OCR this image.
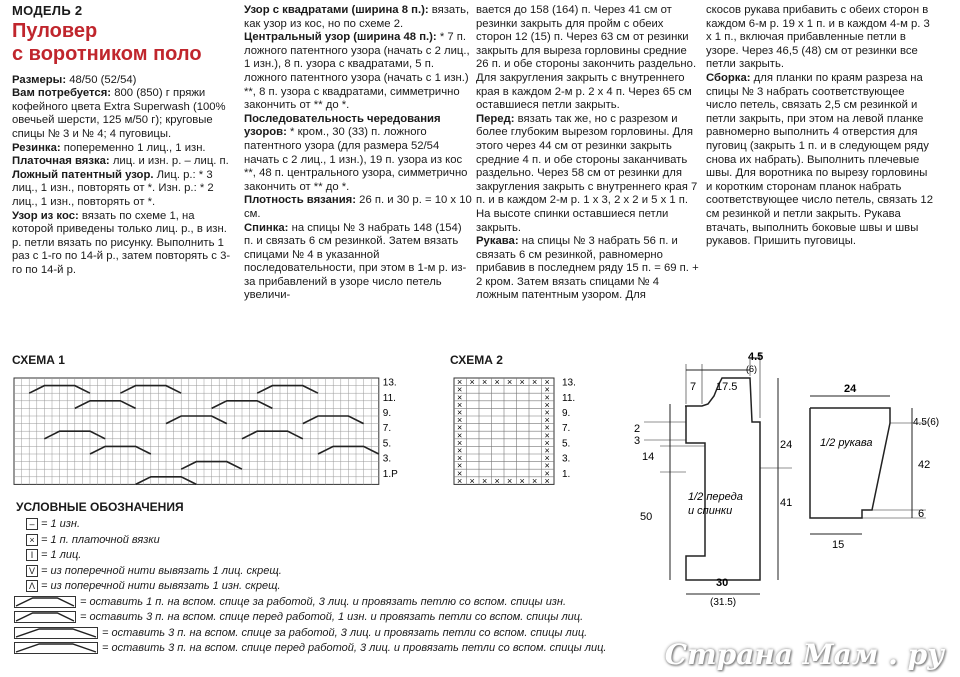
МОДЕЛЬ 2

Пуловер
с воротником поло

Размеры: 48/50 (52/54)

Вам потребуется: 800 (850) г пряжи кофейного цвета Extra Superwash (100% овечьей шерсти, 125 м/50 г); круговые спицы № 3 и № 4; 4 пуговицы.

Резинка: попеременно 1 лиц., 1 изн.

Платочная вязка: лиц. и изн. р. – лиц. п.

Ложный патентный узор. Лиц. р.: * 3 лиц., 1 изн., повторять от *. Изн. р.: * 2 лиц., 1 изн., повторять от *.

Узор из кос: вязать по схеме 1, на которой приведены только лиц. р., в изн. р. петли вязать по рисунку. Выполнить 1 раз с 1-го по 14-й р., затем повторять с 3-го по 14-й р.

Узор с квадратами (ширина 8 п.): вязать, как узор из кос, но по схеме 2.

Центральный узор (ширина 48 п.): * 7 п. ложного патентного узора (начать с 2 лиц., 1 изн.), 8 п. узора с квадратами, 5 п. ложного патентного узора (начать с 1 изн.) **, 8 п. узора с квадратами, симметрично закончить от ** до *.

Последовательность чередования узоров: * кром., 30 (33) п. ложного патентного узора (для размера 52/54 начать с 2 лиц., 1 изн.), 19 п. узора из кос **, 48 п. центрального узора, симметрично закончить от ** до *.

Плотность вязания: 26 п. и 30 р. = 10 х 10 см.

Спинка: на спицы № 3 набрать 148 (154) п. и связать 6 см резинкой. Затем вязать спицами № 4 в указанной последовательности, при этом в 1-м р. из-за прибавлений в узоре число петель увеличи-

вается до 158 (164) п. Через 41 см от резинки закрыть для пройм с обеих сторон 12 (15) п. Через 63 см от резинки закрыть для выреза горловины средние 26 п. и обе стороны закончить раздельно. Для закругления закрыть с внутреннего края в каждом 2-м р. 2 х 4 п. Через 65 см оставшиеся петли закрыть.

Перед: вязать так же, но с разрезом и более глубоким вырезом горловины. Для этого через 44 см от резинки закрыть средние 4 п. и обе стороны заканчивать раздельно. Через 58 см от резинки для закругления закрыть с внутреннего края 7 п. и в каждом 2-м р. 1 х 3, 2 х 2 и 5 х 1 п. На высоте спинки оставшиеся петли закрыть.

Рукава: на спицы № 3 набрать 56 п. и связать 6 см резинкой, равномерно прибавив в последнем ряду 15 п. = 69 п. + 2 кром. Затем вязать спицами № 4 ложным патентным узором. Для

скосов рукава прибавить с обеих сторон в каждом 6-м р. 19 х 1 п. и в каждом 4-м р. 3 х 1 п., включая прибавленные петли в узоре. Через 46,5 (48) см от резинки все петли закрыть.

Сборка: для планки по краям разреза на спицы № 3 набрать соответствующее число петель, связать 2,5 см резинкой и петли закрыть, при этом на левой планке равномерно выполнить 4 отверстия для пуговиц (закрыть 1 п. и в следующем ряду снова их набрать). Выполнить плечевые швы. Для воротника по вырезу горловины и коротким сторонам планок набрать соответствующее число петель, связать 12 см резинкой и петли закрыть. Рукава втачать, выполнить боковые швы и швы рукавов. Пришить пуговицы.

СХЕМА 1
13.
11.
9.
7.
5.
3.
1.Р
СХЕМА 2
×
×
×
×
×
×
×
×
×
×
×
×
×
×
×
×
×	×
×	×
×	×
×	×
×	×
×	×
×	×
×	×
×	×
×	×
×	×
×	×
13.
11.
9.
7.
5.
3.
1.
УСЛОВНЫЕ ОБОЗНАЧЕНИЯ
– = 1 изн.
× = 1 п. платочной вязки
I = 1 лиц.
V = из поперечной нити вывязать 1 лиц. скрещ.
Λ = из поперечной нити вывязать 1 изн. скрещ.
= оставить 1 п. на вспом. спице за работой, 3 лиц. и провязать петлю со вспом. спицы изн.
= оставить 3 п. на вспом. спице перед работой, 1 изн. и провязать петли со вспом. спицы лиц.
= оставить 3 п. на вспом. спице за работой, 3 лиц. и провязать петли со вспом. спицы лиц.
= оставить 3 п. на вспом. спице перед работой, 3 лиц. и провязать петли со вспом. спицы лиц.
4.5
(6)
7 17.5
2
3
14
50
24
41
30
(31.5)
1/2 переда
и спинки
24
1/2 рукава
4.5(6)
42
6
15
Страна Мам . ру
